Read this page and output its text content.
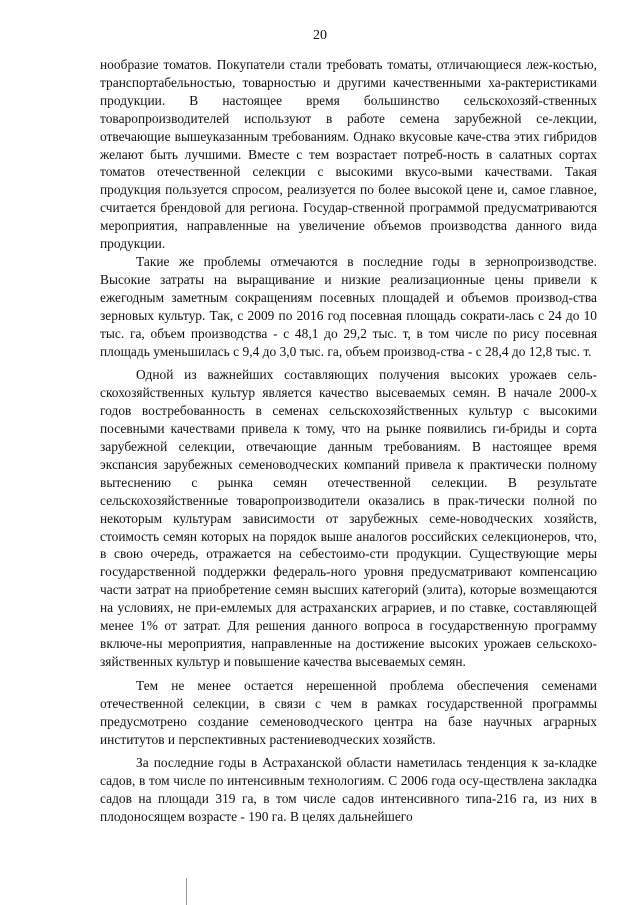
20

нообразие томатов. Покупатели стали требовать томаты, отличающиеся леж-костью, транспортабельностью, товарностью и другими качественными ха-рактеристиками продукции. В настоящее время большинство сельскохозяй-ственных товаропроизводителей используют в работе семена зарубежной се-лекции, отвечающие вышеуказанным требованиям. Однако вкусовые каче-ства этих гибридов желают быть лучшими. Вместе с тем возрастает потреб-ность в салатных сортах томатов отечественной селекции с высокими вкусо-выми качествами. Такая продукция пользуется спросом, реализуется по более высокой цене и, самое главное, считается брендовой для региона. Государ-ственной программой предусматриваются мероприятия, направленные на увеличение объемов производства данного вида продукции.

Такие же проблемы отмечаются в последние годы в зернопроизводстве. Высокие затраты на выращивание и низкие реализационные цены привели к ежегодным заметным сокращениям посевных площадей и объемов производ-ства зерновых культур. Так, с 2009 по 2016 год посевная площадь сократи-лась с 24 до 10 тыс. га, объем производства - с 48,1 до 29,2 тыс. т, в том числе по рису посевная площадь уменьшилась с 9,4 до 3,0 тыс. га, объем производ-ства - с 28,4 до 12,8 тыс. т.

Одной из важнейших составляющих получения высоких урожаев сель-скохозяйственных культур является качество высеваемых семян. В начале 2000-х годов востребованность в семенах сельскохозяйственных культур с высокими посевными качествами привела к тому, что на рынке появились ги-бриды и сорта зарубежной селекции, отвечающие данным требованиям. В настоящее время экспансия зарубежных семеноводческих компаний привела к практически полному вытеснению с рынка семян отечественной селекции. В результате сельскохозяйственные товаропроизводители оказались в прак-тически полной по некоторым культурам зависимости от зарубежных семе-новодческих хозяйств, стоимость семян которых на порядок выше аналогов российских селекционеров, что, в свою очередь, отражается на себестоимо-сти продукции. Существующие меры государственной поддержки федераль-ного уровня предусматривают компенсацию части затрат на приобретение семян высших категорий (элита), которые возмещаются на условиях, не при-емлемых для астраханских аграриев, и по ставке, составляющей менее 1% от затрат. Для решения данного вопроса в государственную программу включе-ны мероприятия, направленные на достижение высоких урожаев сельскохо-зяйственных культур и повышение качества высеваемых семян.

Тем не менее остается нерешенной проблема обеспечения семенами отечественной селекции, в связи с чем в рамках государственной программы предусмотрено создание семеноводческого центра на базе научных аграрных институтов и перспективных растениеводческих хозяйств.

За последние годы в Астраханской области наметилась тенденция к за-кладке садов, в том числе по интенсивным технологиям. С 2006 года осу-ществлена закладка садов на площади 319 га, в том числе садов интенсивного типа-216 га, из них в плодоносящем возрасте - 190 га. В целях дальнейшего
